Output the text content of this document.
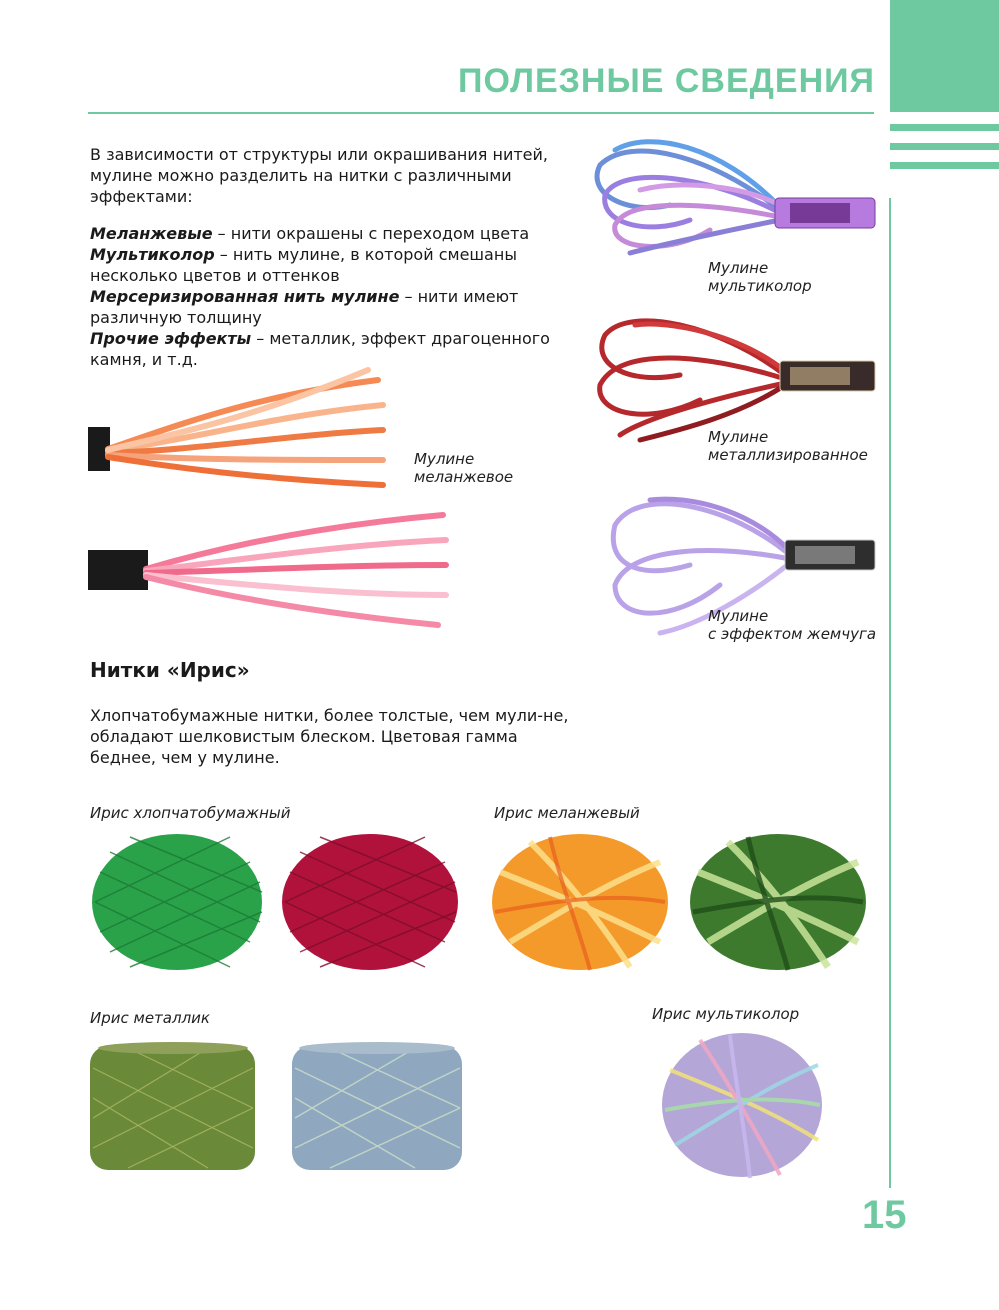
ПОЛЕЗНЫЕ СВЕДЕНИЯ
В зависимости от структуры или окрашивания нитей, мулине можно разделить на нитки с различными эффектами:
Меланжевые – нити окрашены с переходом цвета
Мультиколор – нить мулине, в которой смешаны несколько цветов и оттенков
Мерсеризированная нить мулине – нити имеют различную толщину
Прочие эффекты – металлик, эффект драгоценного камня, и т.д.
Мулине
мультиколор
Мулине
металлизированное
Мулине
с эффектом жемчуга
Мулине
меланжевое
Нитки «Ирис»
Хлопчатобумажные нитки, более толстые, чем мули-не, обладают шелковистым блеском. Цветовая гамма беднее, чем у мулине.
Ирис хлопчатобумажный	Ирис меланжевый
Ирис металлик	Ирис мультиколор
15
